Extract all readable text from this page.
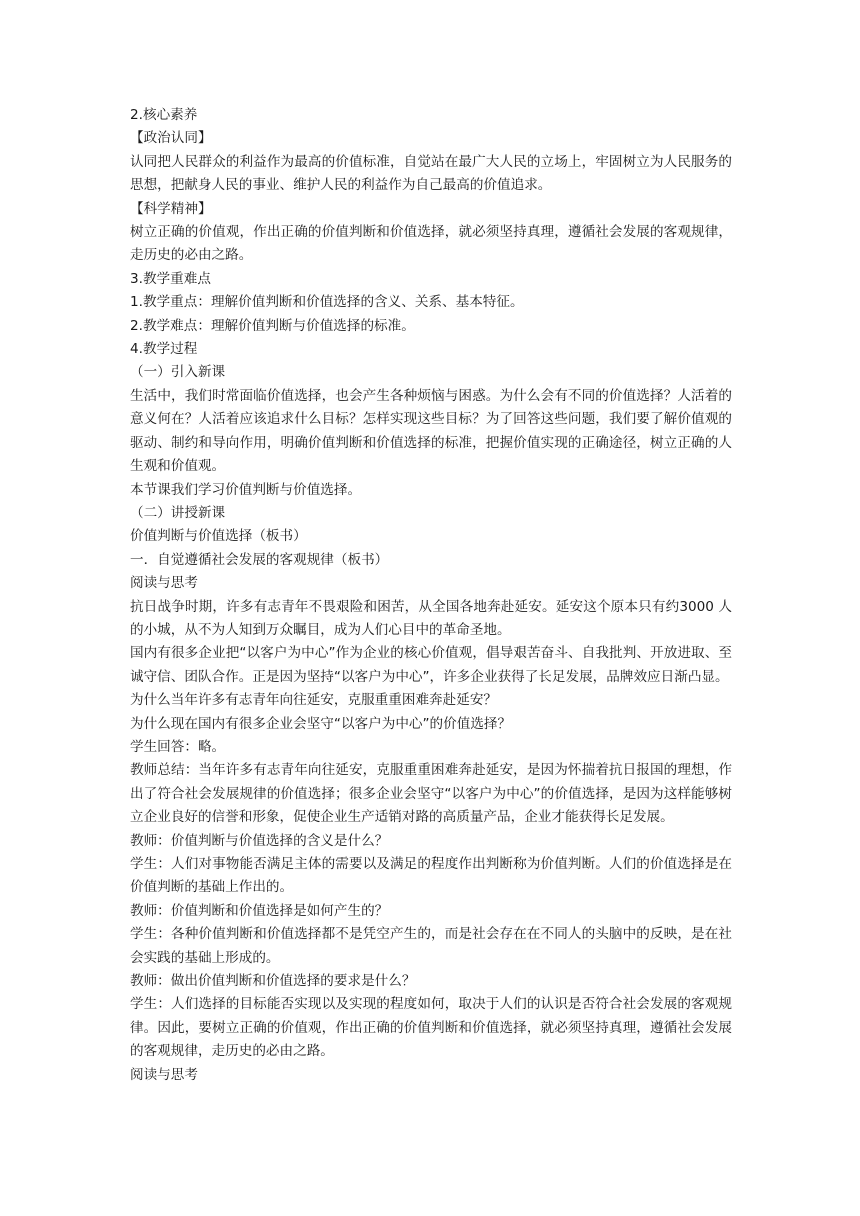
2.核心素养

【政治认同】

认同把人民群众的利益作为最高的价值标准，自觉站在最广大人民的立场上，牢固树立为人民服务的思想，把献身人民的事业、维护人民的利益作为自己最高的价值追求。

【科学精神】

树立正确的价值观，作出正确的价值判断和价值选择，就必须坚持真理，遵循社会发展的客观规律，走历史的必由之路。

3.教学重难点

1.教学重点：理解价值判断和价值选择的含义、关系、基本特征。

2.教学难点：理解价值判断与价值选择的标准。

4.教学过程

（一）引入新课

生活中，我们时常面临价值选择，也会产生各种烦恼与困惑。为什么会有不同的价值选择？人活着的意义何在？人活着应该追求什么目标？怎样实现这些目标？为了回答这些问题，我们要了解价值观的驱动、制约和导向作用，明确价值判断和价值选择的标准，把握价值实现的正确途径，树立正确的人生观和价值观。

本节课我们学习价值判断与价值选择。

（二）讲授新课

价值判断与价值选择（板书）

一．自觉遵循社会发展的客观规律（板书）

阅读与思考

抗日战争时期，许多有志青年不畏艰险和困苦，从全国各地奔赴延安。延安这个原本只有约3000 人的小城，从不为人知到万众瞩目，成为人们心目中的革命圣地。

国内有很多企业把“以客户为中心”作为企业的核心价值观，倡导艰苦奋斗、自我批判、开放进取、至诚守信、团队合作。正是因为坚持“以客户为中心”，许多企业获得了长足发展，品牌效应日渐凸显。

为什么当年许多有志青年向往延安，克服重重困难奔赴延安？

为什么现在国内有很多企业会坚守“以客户为中心”的价值选择？

学生回答：略。

教师总结：当年许多有志青年向往延安，克服重重困难奔赴延安，是因为怀揣着抗日报国的理想，作出了符合社会发展规律的价值选择；很多企业会坚守“以客户为中心”的价值选择，是因为这样能够树立企业良好的信誉和形象，促使企业生产适销对路的高质量产品，企业才能获得长足发展。

教师：价值判断与价值选择的含义是什么？

学生：人们对事物能否满足主体的需要以及满足的程度作出判断称为价值判断。人们的价值选择是在价值判断的基础上作出的。

教师：价值判断和价值选择是如何产生的？

学生：各种价值判断和价值选择都不是凭空产生的，而是社会存在在不同人的头脑中的反映，是在社会实践的基础上形成的。

教师：做出价值判断和价值选择的要求是什么？

学生：人们选择的目标能否实现以及实现的程度如何，取决于人们的认识是否符合社会发展的客观规律。因此，要树立正确的价值观，作出正确的价值判断和价值选择，就必须坚持真理，遵循社会发展的客观规律，走历史的必由之路。

阅读与思考
